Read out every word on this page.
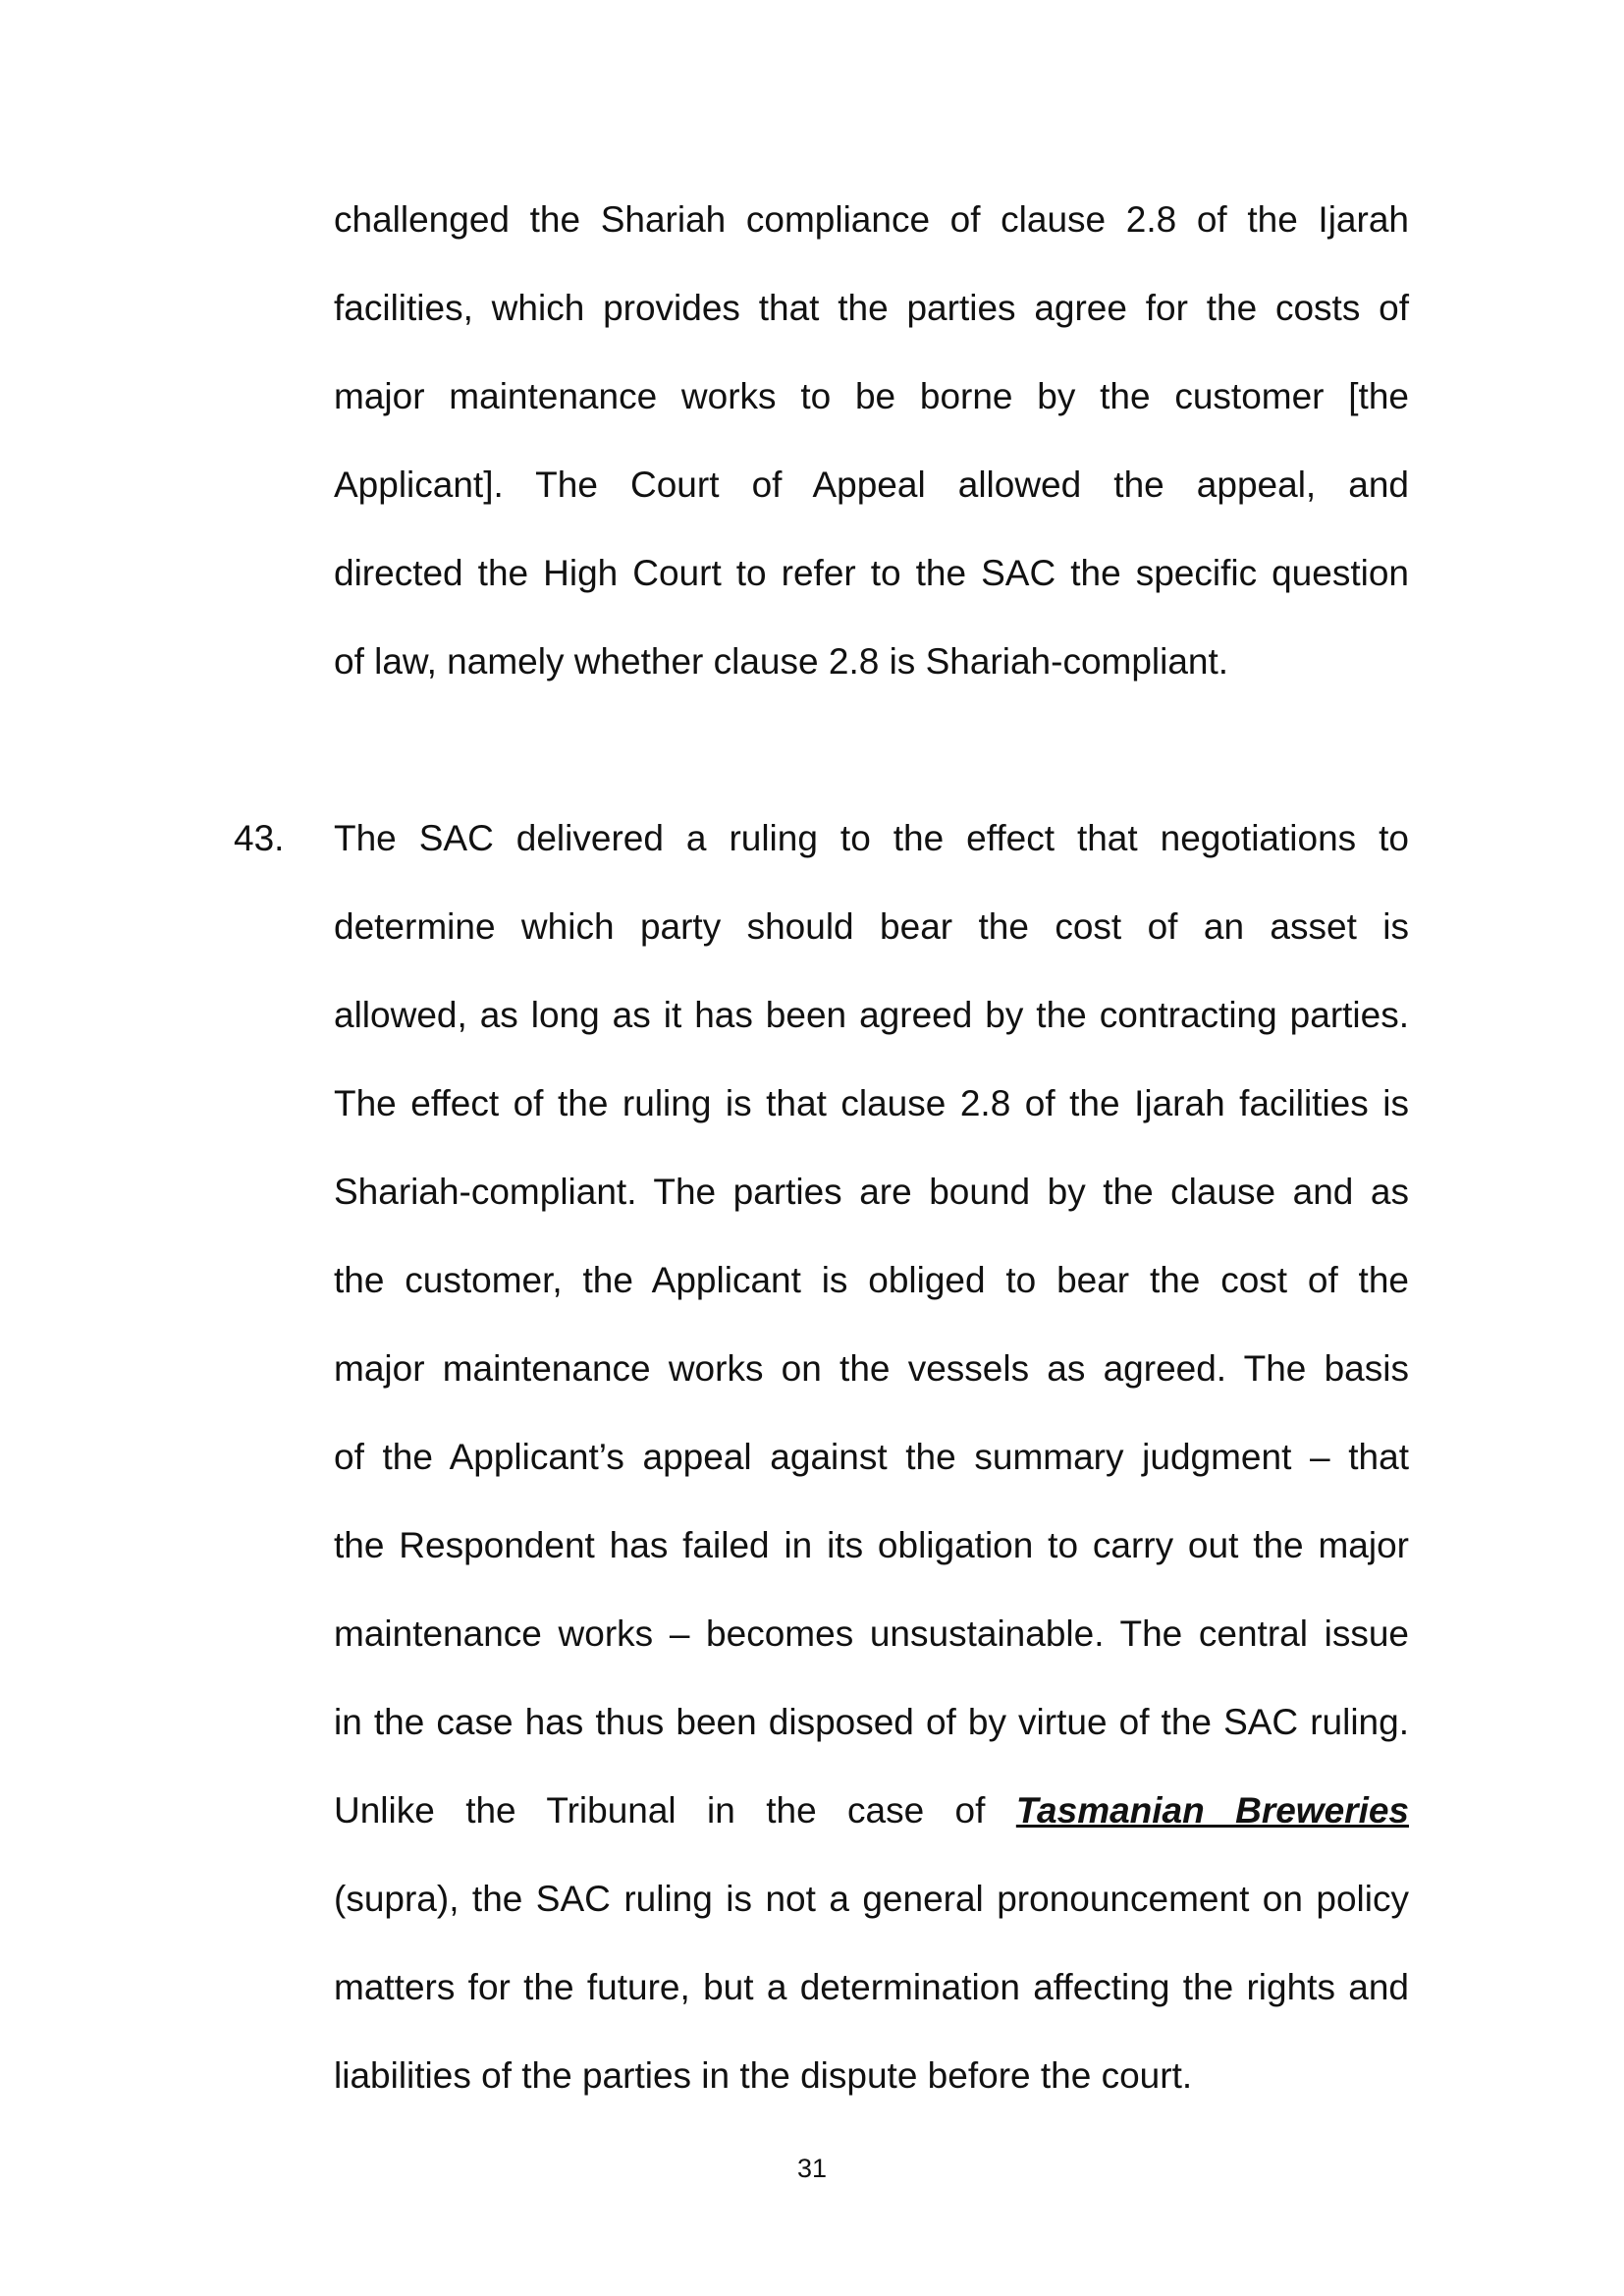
challenged the Shariah compliance of clause 2.8 of the Ijarah
facilities, which provides that the parties agree for the costs of
major maintenance works to be borne by the customer [the
Applicant]. The Court of Appeal allowed the appeal, and
directed the High Court to refer to the SAC the specific question
of law, namely whether clause 2.8 is Shariah-compliant.
43. The SAC delivered a ruling to the effect that negotiations to
determine which party should bear the cost of an asset is
allowed, as long as it has been agreed by the contracting parties.
The effect of the ruling is that clause 2.8 of the Ijarah facilities is
Shariah-compliant. The parties are bound by the clause and as
the customer, the Applicant is obliged to bear the cost of the
major maintenance works on the vessels as agreed. The basis
of the Applicant’s appeal against the summary judgment – that
the Respondent has failed in its obligation to carry out the major
maintenance works – becomes unsustainable. The central issue
in the case has thus been disposed of by virtue of the SAC ruling.
Unlike the Tribunal in the case of Tasmanian Breweries
(supra), the SAC ruling is not a general pronouncement on policy
matters for the future, but a determination affecting the rights and
liabilities of the parties in the dispute before the court.
31
